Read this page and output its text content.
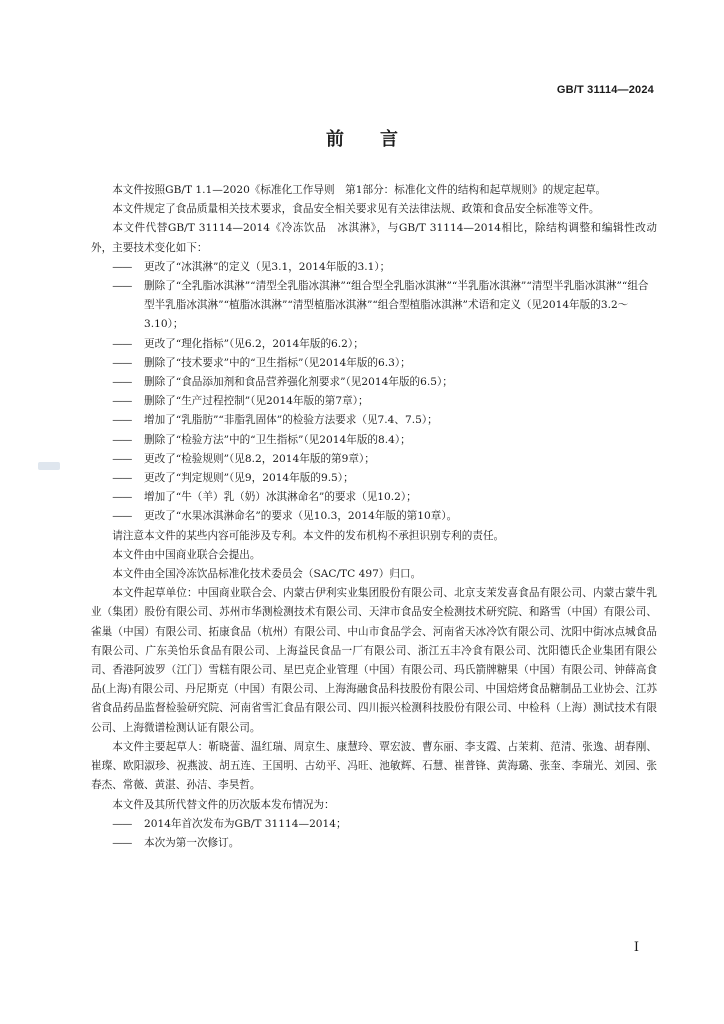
GB/T 31114—2024
前 言
本文件按照GB/T 1.1—2020《标准化工作导则　第1部分：标准化文件的结构和起草规则》的规定起草。
本文件规定了食品质量相关技术要求，食品安全相关要求见有关法律法规、政策和食品安全标准等文件。
本文件代替GB/T 31114—2014《冷冻饮品　冰淇淋》，与GB/T 31114—2014相比，除结构调整和编辑性改动外，主要技术变化如下：
—— 更改了“冰淇淋”的定义（见3.1，2014年版的3.1）；
—— 删除了“全乳脂冰淇淋”“清型全乳脂冰淇淋”“组合型全乳脂冰淇淋”“半乳脂冰淇淋”“清型半乳脂冰淇淋”“组合型半乳脂冰淇淋”“植脂冰淇淋”“清型植脂冰淇淋”“组合型植脂冰淇淋”术语和定义（见2014年版的3.2～3.10）；
—— 更改了“理化指标”（见6.2，2014年版的6.2）；
—— 删除了“技术要求”中的“卫生指标”（见2014年版的6.3）；
—— 删除了“食品添加剂和食品营养强化剂要求”（见2014年版的6.5）；
—— 删除了“生产过程控制”（见2014年版的第7章）；
—— 增加了“乳脂肪”“非脂乳固体”的检验方法要求（见7.4、7.5）；
—— 删除了“检验方法”中的“卫生指标”（见2014年版的8.4）；
—— 更改了“检验规则”（见8.2，2014年版的第9章）；
—— 更改了“判定规则”（见9，2014年版的9.5）；
—— 增加了“牛（羊）乳（奶）冰淇淋命名”的要求（见10.2）；
—— 更改了“水果冰淇淋命名”的要求（见10.3，2014年版的第10章）。
请注意本文件的某些内容可能涉及专利。本文件的发布机构不承担识别专利的责任。
本文件由中国商业联合会提出。
本文件由全国冷冻饮品标准化技术委员会（SAC/TC 497）归口。
本文件起草单位：中国商业联合会、内蒙古伊利实业集团股份有限公司、北京支茉发喜食品有限公司、内蒙古蒙牛乳业（集团）股份有限公司、苏州市华测检测技术有限公司、天津市食品安全检测技术研究院、和路雪（中国）有限公司、雀巢（中国）有限公司、拓康食品（杭州）有限公司、中山市食品学会、河南省天冰冷饮有限公司、沈阳中街冰点城食品有限公司、广东美怡乐食品有限公司、上海益民食品一厂有限公司、浙江五丰冷食有限公司、沈阳德氏企业集团有限公司、香港阿波罗（江门）雪糕有限公司、星巴克企业管理（中国）有限公司、玛氏箭牌糖果（中国）有限公司、钟薛高食品(上海)有限公司、丹尼斯克（中国）有限公司、上海海融食品科技股份有限公司、中国焙烤食品糖制品工业协会、江苏省食品药品监督检验研究院、河南省雪汇食品有限公司、四川振兴检测科技股份有限公司、中检科（上海）测试技术有限公司、上海微谱检测认证有限公司。
本文件主要起草人：靳晓蕾、温红瑞、周京生、康慧玲、覃宏波、曹东丽、李支霞、占茉莉、范清、张逸、胡春刚、崔璨、欧阳淑珍、祝燕波、胡五连、王国明、古幼平、冯旺、池敏辉、石慧、崔普锋、黄海璐、张奎、李瑞光、刘园、张春杰、常薇、黄湛、孙洁、李昊哲。
本文件及其所代替文件的历次版本发布情况为：
—— 2014年首次发布为GB/T 31114—2014；
—— 本次为第一次修订。
I
